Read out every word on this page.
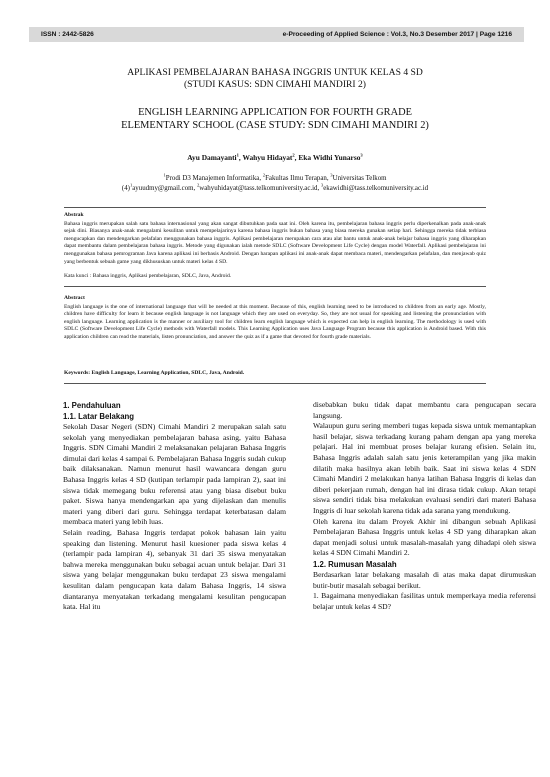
ISSN : 2442-5826	e-Proceeding of Applied Science : Vol.3, No.3 Desember 2017 | Page 1216
APLIKASI PEMBELAJARAN BAHASA INGGRIS UNTUK KELAS 4 SD
(STUDI KASUS: SDN CIMAHI MANDIRI 2)
ENGLISH LEARNING APPLICATION FOR FOURTH GRADE
ELEMENTARY SCHOOL (CASE STUDY: SDN CIMAHI MANDIRI 2)
Ayu Damayanti$^1$, Wahyu Hidayat$^2$, Eka Widhi Yunarso$^3$
$^1$Prodi D3 Manajemen Informatika, $^2$Fakultas Ilmu Terapan, $^3$Universitas Telkom
$(4)^1ayuudmy@gmail.com$, $^2$wahyuhidayat@tass.telkomuniversity.ac.id, $^3$ekawidhi@tass.telkomuniversity.ac.id
Abstrak
Bahasa inggris merupakan salah satu bahasa internasional yang akan sangat dibutuhkan pada saat ini. Oleh karena itu, pembelajaran bahasa inggris perlu diperkenalkan pada anak-anak sejak dini. Biasanya anak-anak mengalami kesulitan untuk mempelajarinya karena bahasa inggris bukan bahasa yang biasa mereka gunakan setiap hari. Sehingga mereka tidak terbiasa mengucapkan dan mendengarkan pelafalan menggunakan bahasa inggris. Aplikasi pembelajaran merupakan cara atau alat bantu untuk anak-anak belajar bahasa inggris yang diharapkan dapat membantu dalam pembelajaran bahasa inggris. Metode yang digunakan ialah metode SDLC (Software Development Life Cycle) dengan model Waterfall. Aplikasi pembelajaran ini menggunakan bahasa pemrograman Java karena aplikasi ini berbasis Android. Dengan harapan aplikasi ini anak-anak dapat membaca materi, mendengarkan pelafalan, dan menjawab quiz yang berbentuk sebuah game yang dikhususkan untuk materi kelas 4 SD.
Kata kunci : Bahasa inggris, Aplikasi pembelajaran, SDLC, Java, Android.
Abstract
English language is the one of international language that will be needed at this moment. Because of this, english learning need to be introduced to children from an early age. Mostly, children have difficulty for learn it because english language is not language which they are used on everyday. So, they are not usual for speaking and listening the pronunciation with english language. Learning application is the manner or auxiliary tool for children learn english language which is expected can help in english learning. The methodology is used with SDLC (Software Development Life Cycle) methods with Waterfall models. This Learning Application uses Java Language Program because this application is Android based. With this application children can read the materials, listen pronunciation, and answer the quiz as if a game that devoted for fourth grade materials.
Keywords: English Language, Learning Application, SDLC, Java, Android.
1. Pendahuluan
1.1. Latar Belakang

Sekolah Dasar Negeri (SDN) Cimahi Mandiri 2 merupakan salah satu sekolah yang menyediakan pembelajaran bahasa asing, yaitu Bahasa Inggris. SDN Cimahi Mandiri 2 melaksanakan pelajaran Bahasa Inggris dimulai dari kelas 4 sampai 6. Pembelajaran Bahasa Inggris sudah cukup baik dilaksanakan. Namun menurut hasil wawancara dengan guru Bahasa Inggris kelas 4 SD (kutipan terlampir pada lampiran 2), saat ini siswa tidak memegang buku referensi atau yang biasa disebut buku paket. Siswa hanya mendengarkan apa yang dijelaskan dan menulis materi yang diberi dari guru. Sehingga terdapat keterbatasan dalam membaca materi yang lebih luas.

Selain reading, Bahasa Inggris terdapat pokok bahasan lain yaitu speaking dan listening. Menurut hasil kuesioner pada siswa kelas 4 (terlampir pada lampiran 4), sebanyak 31 dari 35 siswa menyatakan bahwa mereka menggunakan buku sebagai acuan untuk belajar. Dari 31 siswa yang belajar menggunakan buku terdapat 23 siswa mengalami kesulitan dalam pengucapan kata dalam Bahasa Inggris, 14 siswa diantaranya menyatakan terkadang mengalami kesulitan pengucapan kata. Hal itu

disebabkan buku tidak dapat membantu cara pengucapan secara langsung.

Walaupun guru sering memberi tugas kepada siswa untuk memantapkan hasil belajar, siswa terkadang kurang paham dengan apa yang mereka pelajari. Hal ini membuat proses belajar kurang efisien. Selain itu, Bahasa Inggris adalah salah satu jenis keterampilan yang jika makin dilatih maka hasilnya akan lebih baik. Saat ini siswa kelas 4 SDN Cimahi Mandiri 2 melakukan hanya latihan Bahasa Inggris di kelas dan diberi pekerjaan rumah, dengan hal ini dirasa tidak cukup. Akan tetapi siswa sendiri tidak bisa melakukan evaluasi sendiri dari materi Bahasa Inggris di luar sekolah karena tidak ada sarana yang mendukung.

Oleh karena itu dalam Proyek Akhir ini dibangun sebuah Aplikasi Pembelajaran Bahasa Inggris untuk kelas 4 SD yang diharapkan akan dapat menjadi solusi untuk masalah-masalah yang dihadapi oleh siswa kelas 4 SDN Cimahi Mandiri 2.

1.2. Rumusan Masalah

Berdasarkan latar belakang masalah di atas maka dapat dirumuskan butir-butir masalah sebagai berikut.

1. Bagaimana menyediakan fasilitas untuk memperkaya media referensi belajar untuk kelas 4 SD?
